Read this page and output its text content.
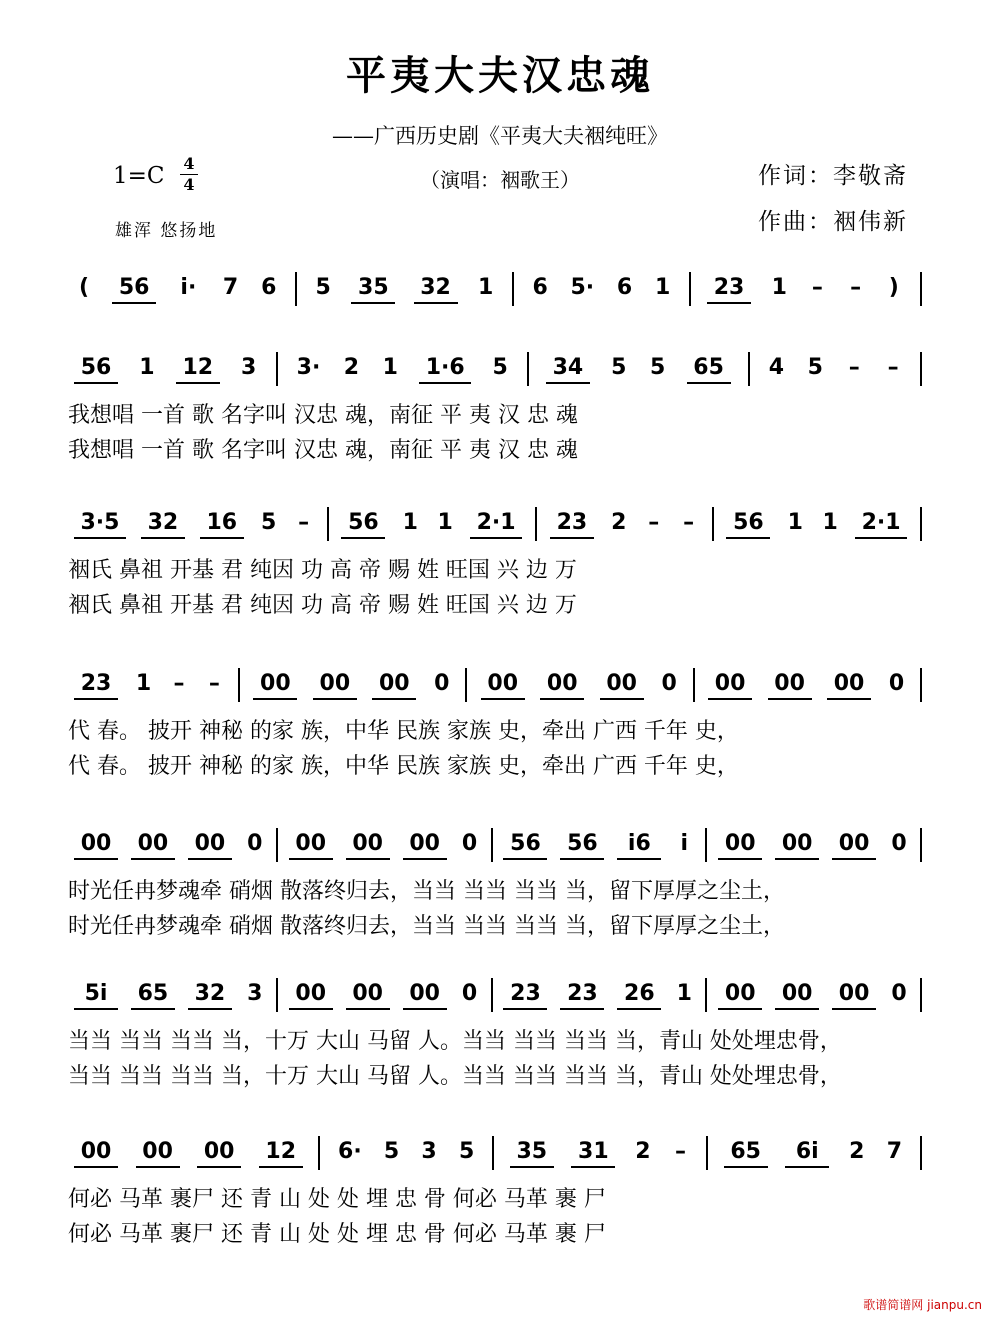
平夷大夫汉忠魂
——广西历史剧《平夷大夫裀纯旺》
（演唱：裀歌王）
1=C 4
4
雄浑 悠扬地
作词：李敬斋
作曲：裀伟新
(	56	i·	7 6 5	35	32	1 6 5· 6 1	23	1 – –	)
56	1	12	3 3· 2 1	1·6	5	34	5 5	65	4 5 – –
我想唱 一首 歌 名字叫 汉忠 魂，南征 平 夷 汉 忠 魂
我想唱 一首 歌 名字叫 汉忠 魂，南征 平 夷 汉 忠 魂
3·5	32	16	5 –	56	1 1	2·1	23	2 – –	56	1 1	2·1
裀氏 鼻祖 开基 君 纯因 功 高 帝 赐 姓 旺国 兴 边 万
裀氏 鼻祖 开基 君 纯因 功 高 帝 赐 姓 旺国 兴 边 万
23	1 – –	00	00	00	0	00	00	00	0	00	00	00	0
代 春。 披开 神秘 的家 族，中华 民族 家族 史，牵出 广西 千年 史，
代 春。 披开 神秘 的家 族，中华 民族 家族 史，牵出 广西 千年 史，
00	00	00 0	00	00	00 0	56	56	i6	i	00	00	00 0
时光任冉梦魂牵 硝烟 散落终归去，当当 当当 当当 当，留下厚厚之尘土，
时光任冉梦魂牵 硝烟 散落终归去，当当 当当 当当 当，留下厚厚之尘土，
5i	65	32 3	00	00	00 0	23	23	26 1	00	00	00 0
当当 当当 当当 当，十万 大山 马留 人。当当 当当 当当 当，青山 处处埋忠骨，
当当 当当 当当 当，十万 大山 马留 人。当当 当当 当当 当，青山 处处埋忠骨，
00	00	00	12	6· 5 3 5	35	31	2 –	65	6i	2 7
何必 马革 裹尸 还 青 山 处 处 埋 忠 骨 何必 马革 裹 尸
何必 马革 裹尸 还 青 山 处 处 埋 忠 骨 何必 马革 裹 尸
歌谱简谱网 jianpu.cn
